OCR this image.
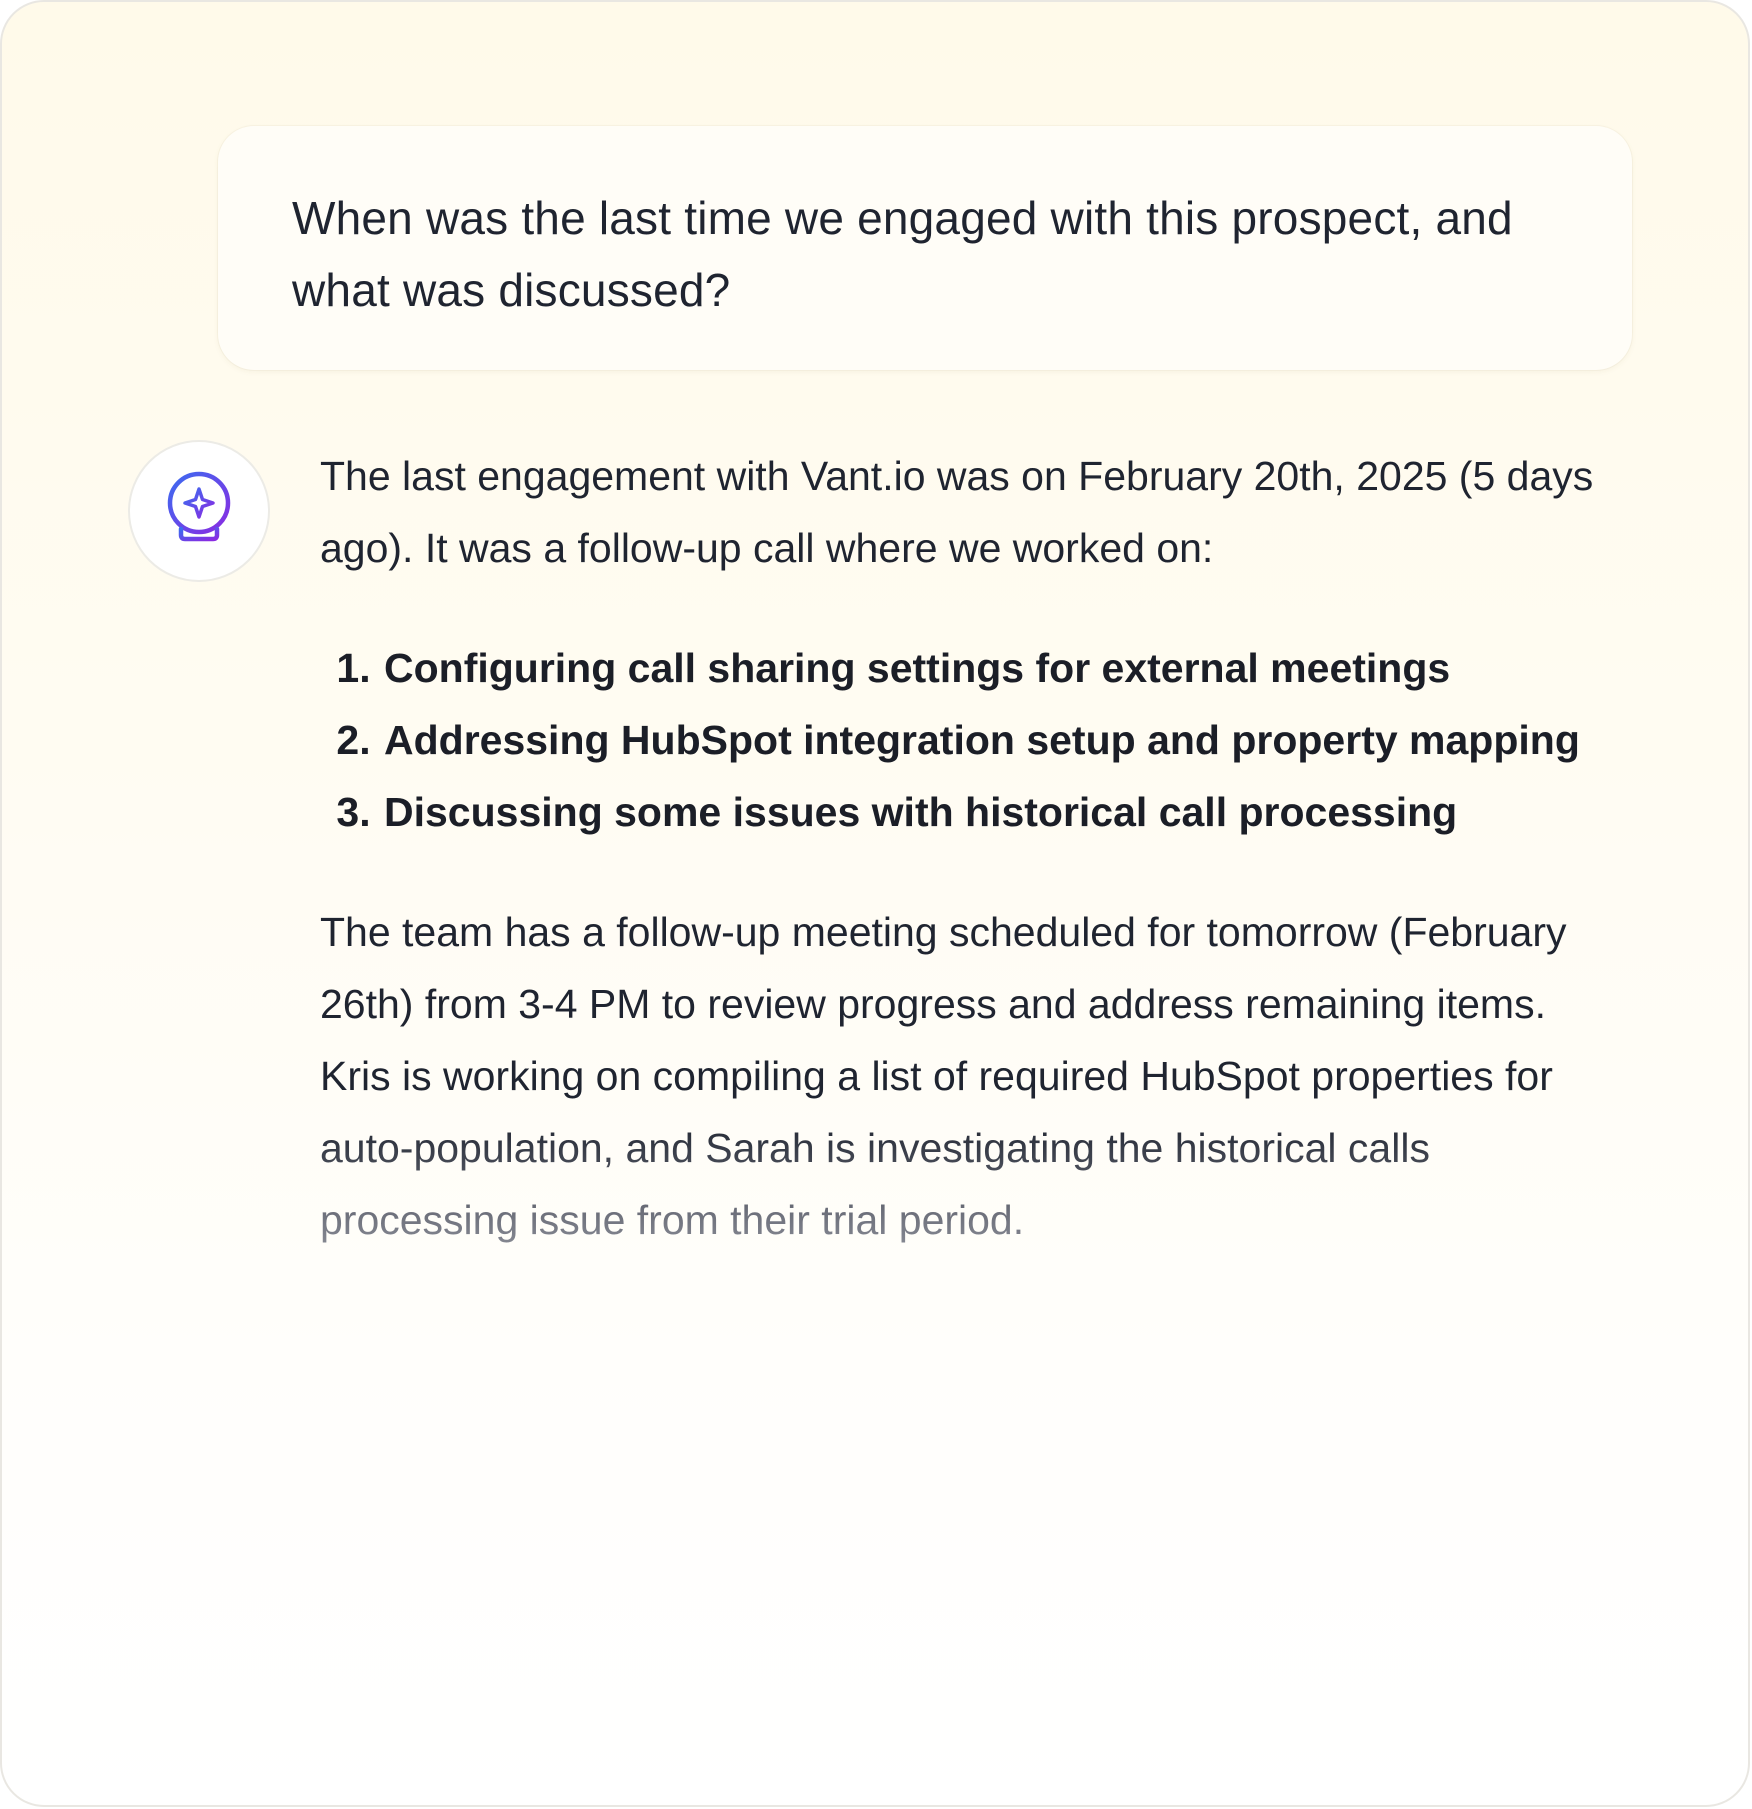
When was the last time we engaged with this prospect, and what was discussed?

The last engagement with Vant.io was on February 20th, 2025 (5 days ago). It was a follow-up call where we worked on:

1. Configuring call sharing settings for external meetings
2. Addressing HubSpot integration setup and property mapping
3. Discussing some issues with historical call processing

The team has a follow-up meeting scheduled for tomorrow (February 26th) from 3-4 PM to review progress and address remaining items. Kris is working on compiling a list of required HubSpot properties for auto-population, and Sarah is investigating the historical calls processing issue from their trial period.
